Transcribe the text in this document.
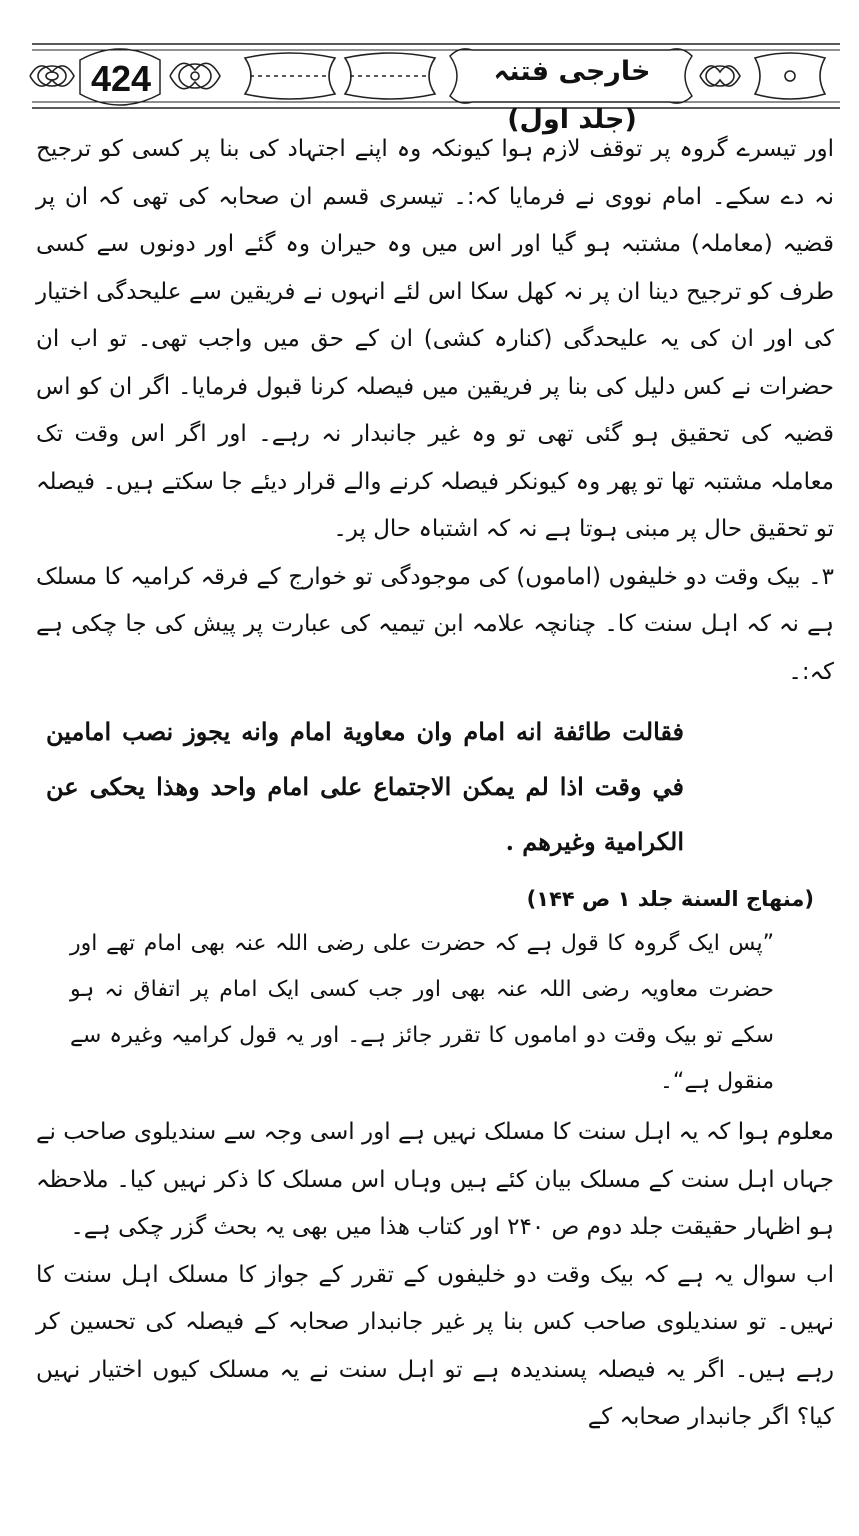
424	خارجی فتنہ (جلد اول)

اور تیسرے گروہ پر توقف لازم ہوا کیونکہ وہ اپنے اجتہاد کی بنا پر کسی کو ترجیح نہ دے سکے۔ امام نووی نے فرمایا کہ:۔ تیسری قسم ان صحابہ کی تھی کہ ان پر قضیہ (معاملہ) مشتبہ ہو گیا اور اس میں وہ حیران وہ گئے اور دونوں سے کسی طرف کو ترجیح دینا ان پر نہ کھل سکا اس لئے انہوں نے فریقین سے علیحدگی اختیار کی اور ان کی یہ علیحدگی (کنارہ کشی) ان کے حق میں واجب تھی۔ تو اب ان حضرات نے کس دلیل کی بنا پر فریقین میں فیصلہ کرنا قبول فرمایا۔ اگر ان کو اس قضیہ کی تحقیق ہو گئی تھی تو وہ غیر جانبدار نہ رہے۔ اور اگر اس وقت تک معاملہ مشتبہ تھا تو پھر وہ کیونکر فیصلہ کرنے والے قرار دیئے جا سکتے ہیں۔ فیصلہ تو تحقیق حال پر مبنی ہوتا ہے نہ کہ اشتباہ حال پر۔

۳۔ بیک وقت دو خلیفوں (اماموں) کی موجودگی تو خوارج کے فرقہ کرامیہ کا مسلک ہے نہ کہ اہل سنت کا۔ چنانچہ علامہ ابن تیمیہ کی عبارت پر پیش کی جا چکی ہے کہ:۔

فقالت طائفة انه امام وان معاوية امام وانه يجوز نصب امامين في وقت اذا لم يمكن الاجتماع على امام واحد وهذا يحكى عن الكرامية وغيرهم .

(منهاج السنة جلد ۱ ص ۱۴۴)

”پس ایک گروہ کا قول ہے کہ حضرت علی رضی اللہ عنہ بھی امام تھے اور حضرت معاویہ رضی اللہ عنہ بھی اور جب کسی ایک امام پر اتفاق نہ ہو سکے تو بیک وقت دو اماموں کا تقرر جائز ہے۔ اور یہ قول کرامیہ وغیرہ سے منقول ہے“۔

معلوم ہوا کہ یہ اہل سنت کا مسلک نہیں ہے اور اسی وجہ سے سندیلوی صاحب نے جہاں اہل سنت کے مسلک بیان کئے ہیں وہاں اس مسلک کا ذکر نہیں کیا۔ ملاحظہ ہو اظہار حقیقت جلد دوم ص ۲۴۰ اور کتاب ھذا میں بھی یہ بحث گزر چکی ہے۔

اب سوال یہ ہے کہ بیک وقت دو خلیفوں کے تقرر کے جواز کا مسلک اہل سنت کا نہیں۔ تو سندیلوی صاحب کس بنا پر غیر جانبدار صحابہ کے فیصلہ کی تحسین کر رہے ہیں۔ اگر یہ فیصلہ پسندیدہ ہے تو اہل سنت نے یہ مسلک کیوں اختیار نہیں کیا؟ اگر جانبدار صحابہ کے
